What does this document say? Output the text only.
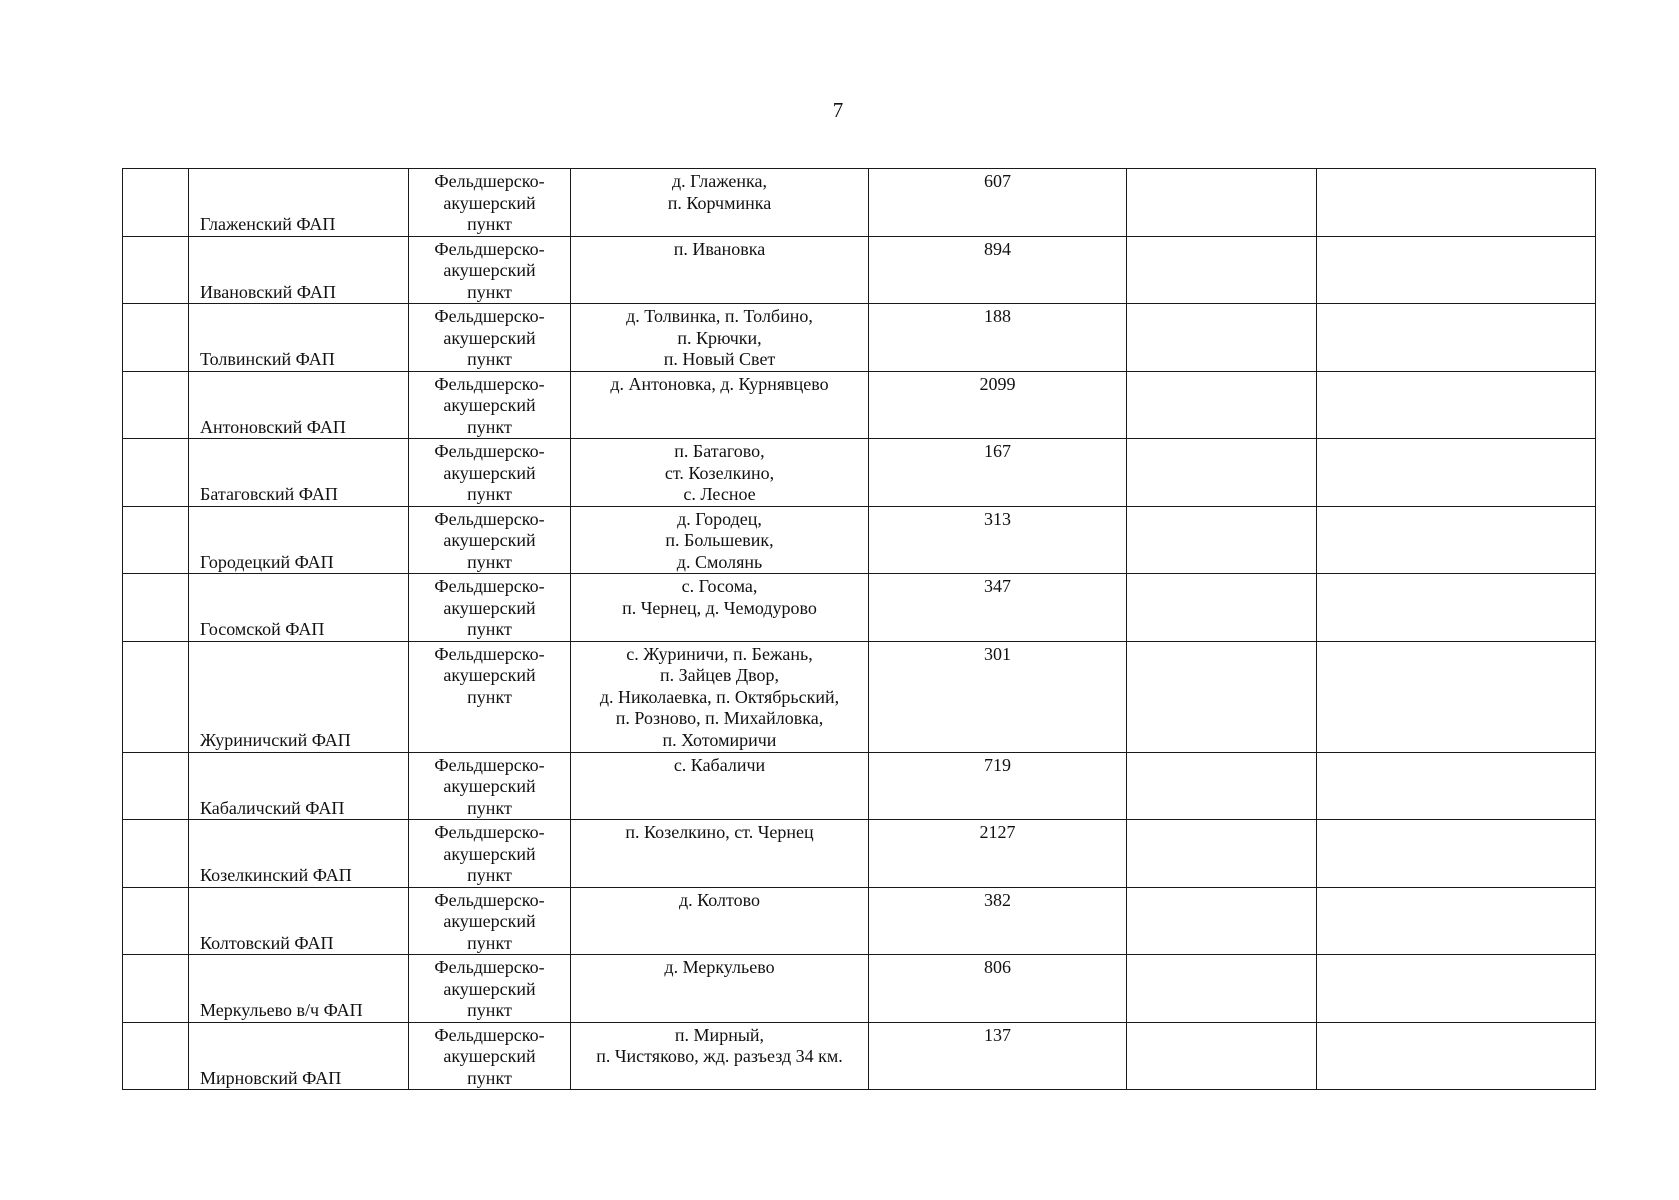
7

	Глаженский ФАП	Фельдшерско-
акушерский
пункт	д. Глаженка,
п. Корчминка	607		

	Ивановский ФАП	Фельдшерско-
акушерский
пункт	п. Ивановка	894		

	Толвинский ФАП	Фельдшерско-
акушерский
пункт	д. Толвинка, п. Толбино,
п. Крючки,
п. Новый Свет	188		

	Антоновский ФАП	Фельдшерско-
акушерский
пункт	д. Антоновка, д. Курнявцево	2099		

	Батаговский ФАП	Фельдшерско-
акушерский
пункт	п. Батагово,
ст. Козелкино,
с. Лесное	167		

	Городецкий ФАП	Фельдшерско-
акушерский
пункт	д. Городец,
п. Большевик,
д. Смолянь	313		

	Госомской ФАП	Фельдшерско-
акушерский
пункт	с. Госома,
п. Чернец, д. Чемодурово	347		

	Журиничский ФАП	Фельдшерско-
акушерский
пункт	с. Журиничи, п. Бежань,
п. Зайцев Двор,
д. Николаевка, п. Октябрьский,
п. Розново, п. Михайловка,
п. Хотомиричи	301		

	Кабаличский ФАП	Фельдшерско-
акушерский
пункт	с. Кабаличи	719		

	Козелкинский ФАП	Фельдшерско-
акушерский
пункт	п. Козелкино, ст. Чернец	2127		

	Колтовский ФАП	Фельдшерско-
акушерский
пункт	д. Колтово	382		

	Меркульево в/ч ФАП	Фельдшерско-
акушерский
пункт	д. Меркульево	806		

	Мирновский ФАП	Фельдшерско-
акушерский
пункт	п. Мирный,
п. Чистяково, жд. разъезд 34 км.	137		
